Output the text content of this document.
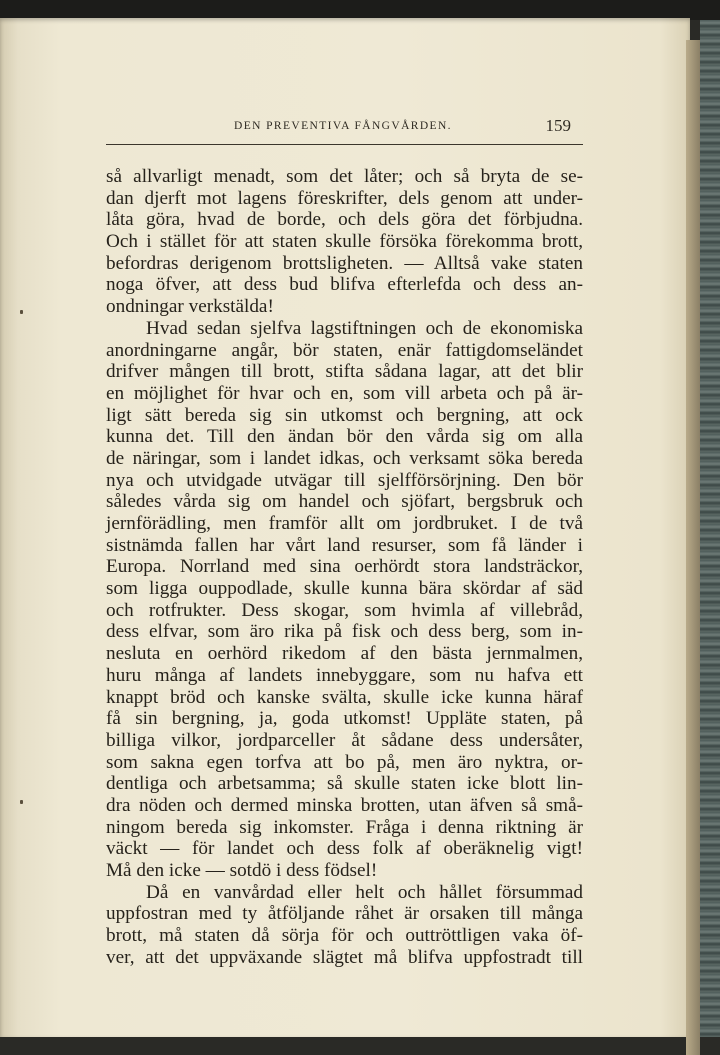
DEN PREVENTIVA FÅNGVÅRDEN.	159
så allvarligt menadt, som det låter; och så bryta de se-
dan djerft mot lagens föreskrifter, dels genom att under-
låta göra, hvad de borde, och dels göra det förbjudna.
Och i stället för att staten skulle försöka förekomma brott,
befordras derigenom brottsligheten. — Alltså vake staten
noga öfver, att dess bud blifva efterlefda och dess an-
ondningar verkstälda!
Hvad sedan sjelfva lagstiftningen och de ekonomiska
anordningarne angår, bör staten, enär fattigdomseländet
drifver mången till brott, stifta sådana lagar, att det blir
en möjlighet för hvar och en, som vill arbeta och på är-
ligt sätt bereda sig sin utkomst och bergning, att ock
kunna det. Till den ändan bör den vårda sig om alla
de näringar, som i landet idkas, och verksamt söka bereda
nya och utvidgade utvägar till sjelfförsörjning. Den bör
således vårda sig om handel och sjöfart, bergsbruk och
jernförädling, men framför allt om jordbruket. I de två
sistnämda fallen har vårt land resurser, som få länder i
Europa. Norrland med sina oerhördt stora landsträckor,
som ligga ouppodlade, skulle kunna bära skördar af säd
och rotfrukter. Dess skogar, som hvimla af villebråd,
dess elfvar, som äro rika på fisk och dess berg, som in-
nesluta en oerhörd rikedom af den bästa jernmalmen,
huru många af landets innebyggare, som nu hafva ett
knappt bröd och kanske svälta, skulle icke kunna häraf
få sin bergning, ja, goda utkomst! Uppläte staten, på
billiga vilkor, jordparceller åt sådane dess undersåter,
som sakna egen torfva att bo på, men äro nyktra, or-
dentliga och arbetsamma; så skulle staten icke blott lin-
dra nöden och dermed minska brotten, utan äfven så små-
ningom bereda sig inkomster. Fråga i denna riktning är
väckt — för landet och dess folk af oberäknelig vigt!
Må den icke — sotdö i dess födsel!
Då en vanvårdad eller helt och hållet försummad
uppfostran med ty åtföljande råhet är orsaken till många
brott, må staten då sörja för och outtröttligen vaka öf-
ver, att det uppväxande slägtet må blifva uppfostradt till
